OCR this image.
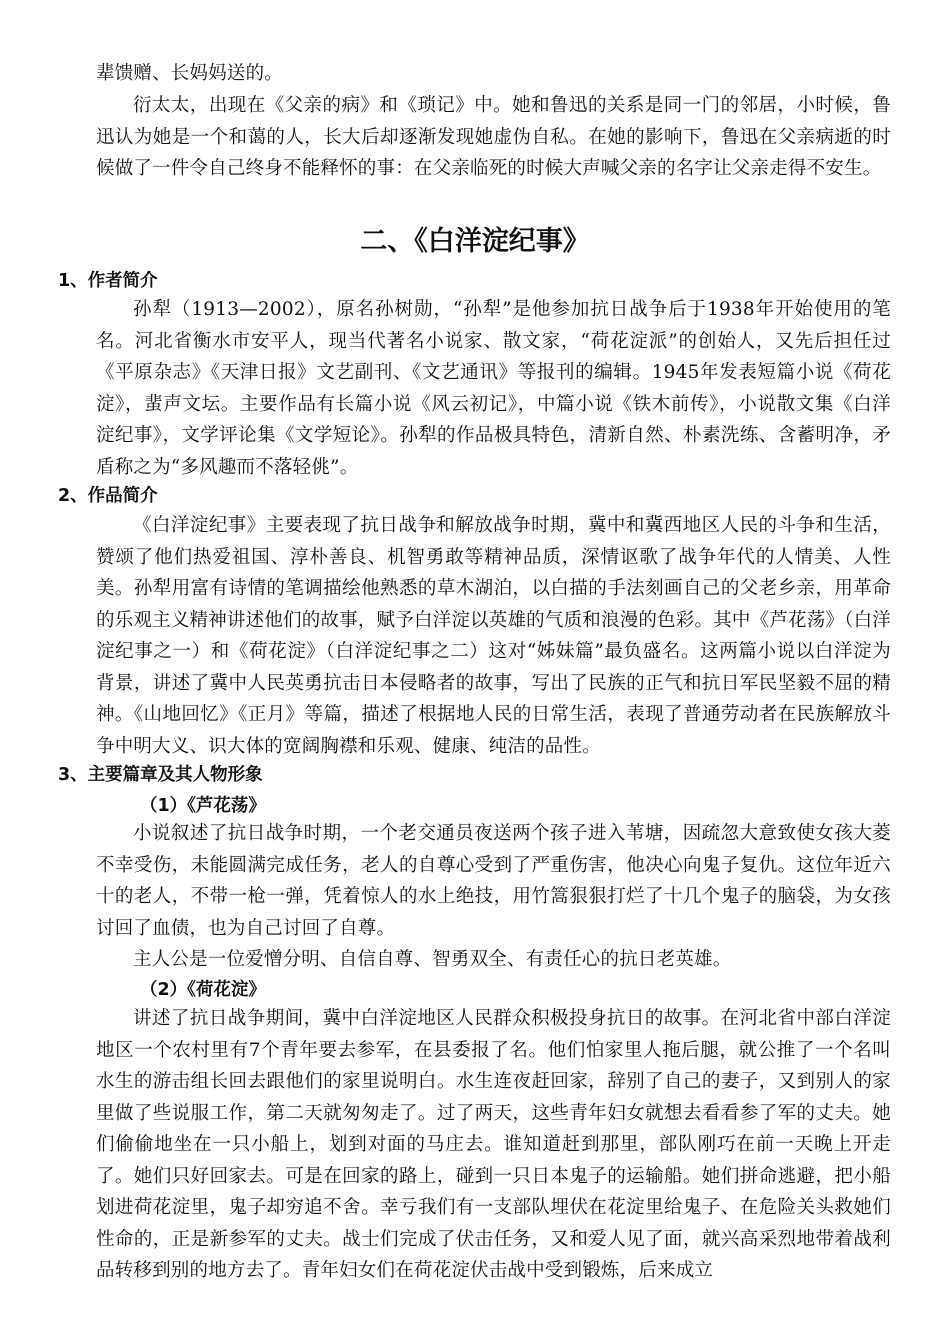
辈馈赠、长妈妈送的。

衍太太，出现在《父亲的病》和《琐记》中。她和鲁迅的关系是同一门的邻居，小时候，鲁迅认为她是一个和蔼的人，长大后却逐渐发现她虚伪自私。在她的影响下，鲁迅在父亲病逝的时候做了一件令自己终身不能释怀的事：在父亲临死的时候大声喊父亲的名字让父亲走得不安生。

二、《白洋淀纪事》
1、作者简介

孙犁（1913—2002），原名孙树勋，“孙犁”是他参加抗日战争后于1938年开始使用的笔名。河北省衡水市安平人，现当代著名小说家、散文家，“荷花淀派”的创始人，又先后担任过《平原杂志》《天津日报》文艺副刊、《文艺通讯》等报刊的编辑。1945年发表短篇小说《荷花淀》，蜚声文坛。主要作品有长篇小说《风云初记》，中篇小说《铁木前传》，小说散文集《白洋淀纪事》，文学评论集《文学短论》。孙犁的作品极具特色，清新自然、朴素洗练、含蓄明净，矛盾称之为“多风趣而不落轻佻”。

2、作品简介

《白洋淀纪事》主要表现了抗日战争和解放战争时期，冀中和冀西地区人民的斗争和生活，赞颂了他们热爱祖国、淳朴善良、机智勇敢等精神品质，深情讴歌了战争年代的人情美、人性美。孙犁用富有诗情的笔调描绘他熟悉的草木湖泊，以白描的手法刻画自己的父老乡亲，用革命的乐观主义精神讲述他们的故事，赋予白洋淀以英雄的气质和浪漫的色彩。其中《芦花荡》（白洋淀纪事之一）和《荷花淀》（白洋淀纪事之二）这对“姊妹篇”最负盛名。这两篇小说以白洋淀为背景，讲述了冀中人民英勇抗击日本侵略者的故事，写出了民族的正气和抗日军民坚毅不屈的精神。《山地回忆》《正月》等篇，描述了根据地人民的日常生活，表现了普通劳动者在民族解放斗争中明大义、识大体的宽阔胸襟和乐观、健康、纯洁的品性。

3、主要篇章及其人物形象
（1）《芦花荡》

小说叙述了抗日战争时期，一个老交通员夜送两个孩子进入苇塘，因疏忽大意致使女孩大菱不幸受伤，未能圆满完成任务，老人的自尊心受到了严重伤害，他决心向鬼子复仇。这位年近六十的老人，不带一枪一弹，凭着惊人的水上绝技，用竹篙狠狠打烂了十几个鬼子的脑袋，为女孩讨回了血债，也为自己讨回了自尊。

主人公是一位爱憎分明、自信自尊、智勇双全、有责任心的抗日老英雄。

（2）《荷花淀》

讲述了抗日战争期间，冀中白洋淀地区人民群众积极投身抗日的故事。在河北省中部白洋淀地区一个农村里有7个青年要去参军，在县委报了名。他们怕家里人拖后腿，就公推了一个名叫水生的游击组长回去跟他们的家里说明白。水生连夜赶回家，辞别了自己的妻子，又到别人的家里做了些说服工作，第二天就匆匆走了。过了两天，这些青年妇女就想去看看参了军的丈夫。她们偷偷地坐在一只小船上，划到对面的马庄去。谁知道赶到那里，部队刚巧在前一天晚上开走了。她们只好回家去。可是在回家的路上，碰到一只日本鬼子的运输船。她们拼命逃避，把小船划进荷花淀里，鬼子却穷追不舍。幸亏我们有一支部队埋伏在花淀里给鬼子、在危险关头救她们性命的，正是新参军的丈夫。战士们完成了伏击任务，又和爱人见了面，就兴高采烈地带着战利品转移到别的地方去了。青年妇女们在荷花淀伏击战中受到锻炼，后来成立
